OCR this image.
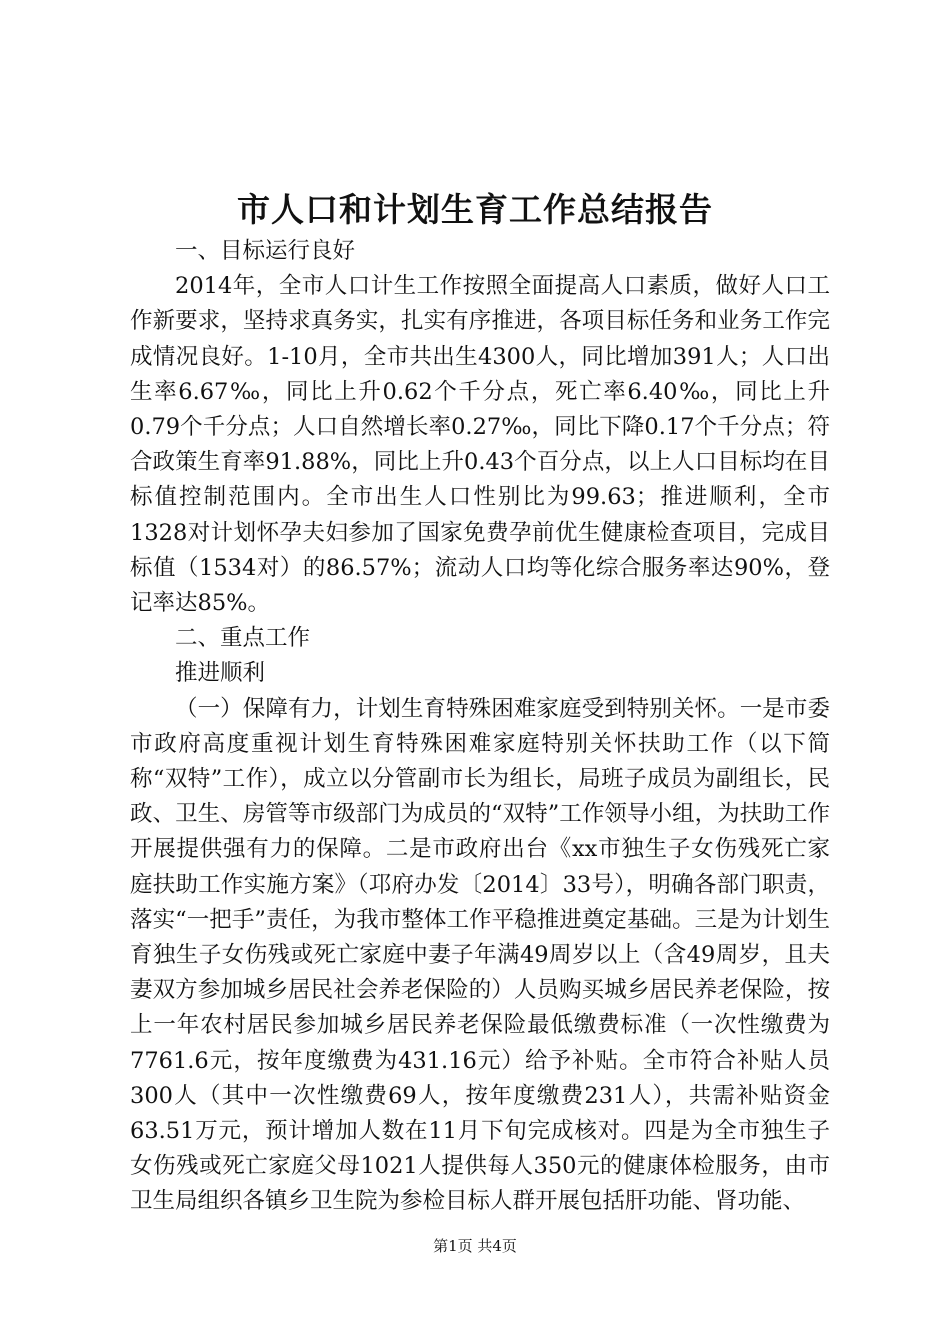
市人口和计划生育工作总结报告

一、目标运行良好

2014年，全市人口计生工作按照全面提高人口素质，做好人口工作新要求，坚持求真务实，扎实有序推进，各项目标任务和业务工作完成情况良好。1-10月，全市共出生4300人，同比增加391人；人口出生率6.67‰，同比上升0.62个千分点，死亡率6.40‰，同比上升0.79个千分点；人口自然增长率0.27‰，同比下降0.17个千分点；符合政策生育率91.88%，同比上升0.43个百分点，以上人口目标均在目标值控制范围内。全市出生人口性别比为99.63；推进顺利，全市1328对计划怀孕夫妇参加了国家免费孕前优生健康检查项目，完成目标值（1534对）的86.57%；流动人口均等化综合服务率达90%，登记率达85%。

二、重点工作

推进顺利

（一）保障有力，计划生育特殊困难家庭受到特别关怀。一是市委市政府高度重视计划生育特殊困难家庭特别关怀扶助工作（以下简称“双特”工作），成立以分管副市长为组长，局班子成员为副组长，民政、卫生、房管等市级部门为成员的“双特”工作领导小组，为扶助工作开展提供强有力的保障。二是市政府出台《xx市独生子女伤残死亡家庭扶助工作实施方案》（邛府办发〔2014〕33号），明确各部门职责，落实“一把手”责任，为我市整体工作平稳推进奠定基础。三是为计划生育独生子女伤残或死亡家庭中妻子年满49周岁以上（含49周岁，且夫妻双方参加城乡居民社会养老保险的）人员购买城乡居民养老保险，按上一年农村居民参加城乡居民养老保险最低缴费标准（一次性缴费为7761.6元，按年度缴费为431.16元）给予补贴。全市符合补贴人员300人（其中一次性缴费69人，按年度缴费231人），共需补贴资金63.51万元，预计增加人数在11月下旬完成核对。四是为全市独生子女伤残或死亡家庭父母1021人提供每人350元的健康体检服务，由市卫生局组织各镇乡卫生院为参检目标人群开展包括肝功能、肾功能、

第1页 共4页
